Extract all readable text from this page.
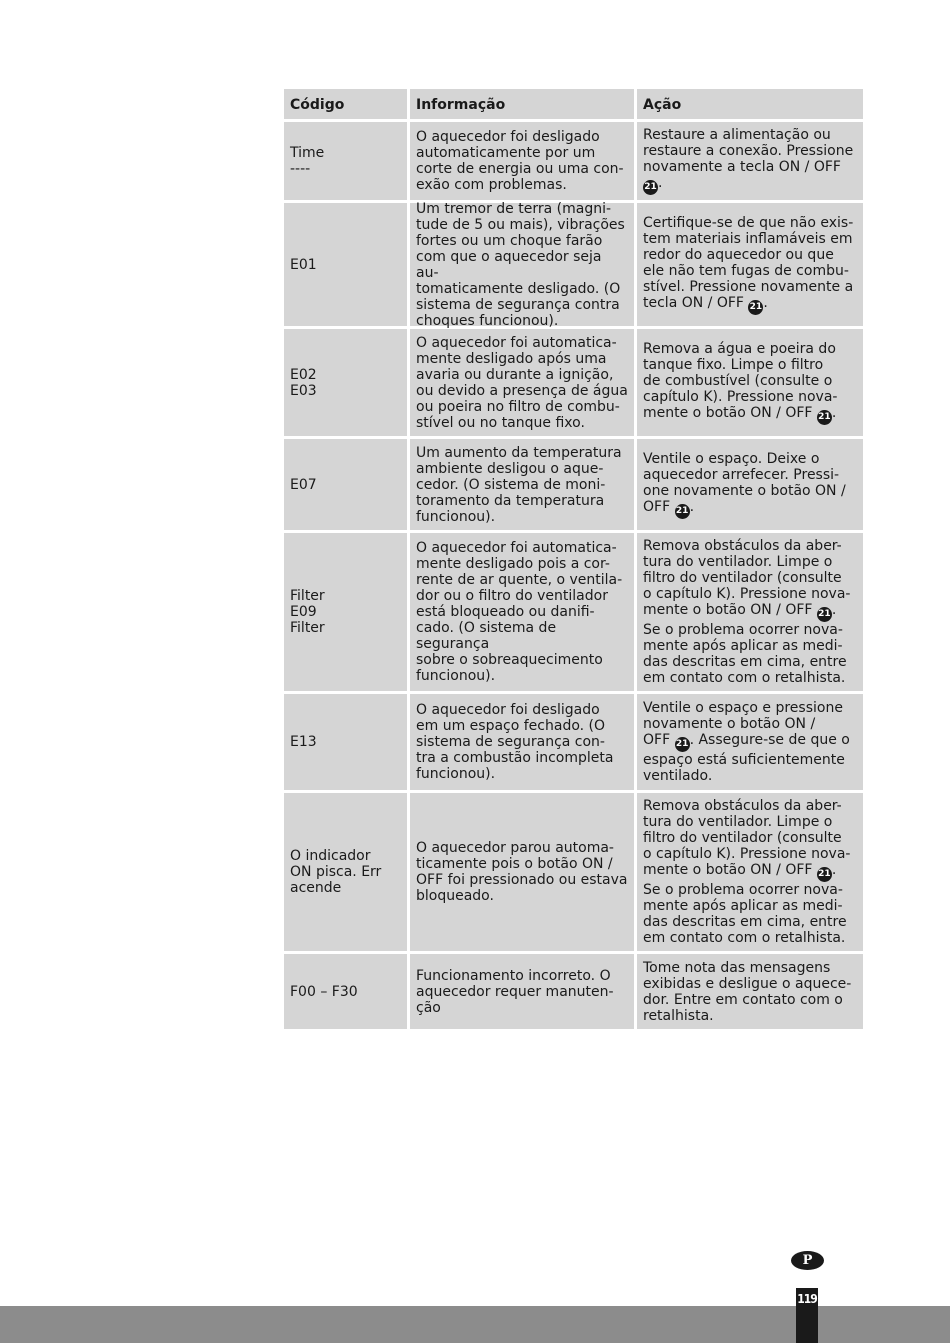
Código	Informação	Ação
Time
----
O aquecedor foi desligado
automaticamente por um
corte de energia ou uma con-
exão com problemas.
Restaure a alimentação ou
restaure a conexão. Pressione
novamente a tecla ON / OFF
21.
E01
Um tremor de terra (magni-
tude de 5 ou mais), vibrações
fortes ou um choque farão
com que o aquecedor seja au-
tomaticamente desligado. (O
sistema de segurança contra
choques funcionou).
Certifique-se de que não exis-
tem materiais inflamáveis em
redor do aquecedor ou que
ele não tem fugas de combu-
stível. Pressione novamente a
tecla ON / OFF 21.
E02
E03
O aquecedor foi automatica-
mente desligado após uma
avaria ou durante a ignição,
ou devido a presença de água
ou poeira no filtro de combu-
stível ou no tanque fixo.
Remova a água e poeira do
tanque fixo. Limpe o filtro
de combustível (consulte o
capítulo K). Pressione nova-
mente o botão ON / OFF 21.
E07
Um aumento da temperatura
ambiente desligou o aque-
cedor. (O sistema de moni-
toramento da temperatura
funcionou).
Ventile o espaço. Deixe o
aquecedor arrefecer. Pressi-
one novamente o botão ON /
OFF 21.
Filter
E09
Filter
O aquecedor foi automatica-
mente desligado pois a cor-
rente de ar quente, o ventila-
dor ou o filtro do ventilador
está bloqueado ou danifi-
cado. (O sistema de segurança
sobre o sobreaquecimento
funcionou).
Remova obstáculos da aber-
tura do ventilador. Limpe o
filtro do ventilador (consulte
o capítulo K). Pressione nova-
mente o botão ON / OFF 21.
Se o problema ocorrer nova-
mente após aplicar as medi-
das descritas em cima, entre
em contato com o retalhista.
E13
O aquecedor foi desligado
em um espaço fechado. (O
sistema de segurança con-
tra a combustão incompleta
funcionou).
Ventile o espaço e pressione
novamente o botão ON /
OFF 21. Assegure-se de que o
espaço está suficientemente
ventilado.
O indicador
ON pisca. Err
acende
O aquecedor parou automa-
ticamente pois o botão ON /
OFF foi pressionado ou estava
bloqueado.
Remova obstáculos da aber-
tura do ventilador. Limpe o
filtro do ventilador (consulte
o capítulo K). Pressione nova-
mente o botão ON / OFF 21.
Se o problema ocorrer nova-
mente após aplicar as medi-
das descritas em cima, entre
em contato com o retalhista.
F00 – F30
Funcionamento incorreto. O
aquecedor requer manuten-
ção
Tome nota das mensagens
exibidas e desligue o aquece-
dor. Entre em contato com o
retalhista.
P
119
